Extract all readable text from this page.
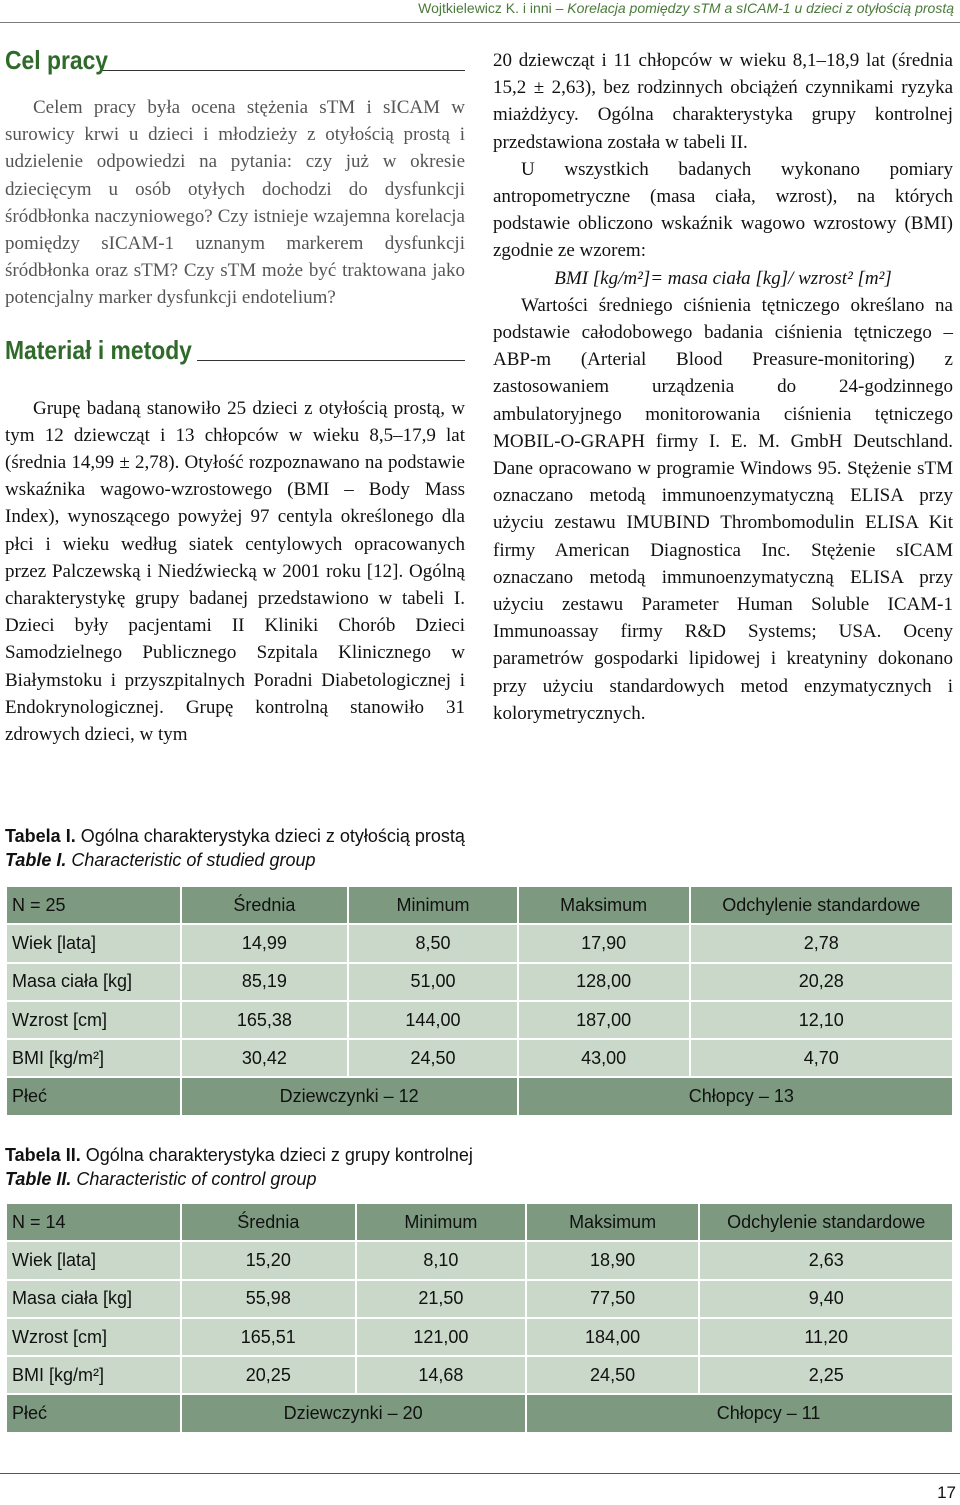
Wojtkielewicz K. i inni – Korelacja pomiędzy sTM a sICAM-1 u dzieci z otyłością prostą
Cel pracy

Celem pracy była ocena stężenia sTM i sICAM w surowicy krwi u dzieci i młodzieży z otyłością prostą i udzielenie odpowiedzi na pytania: czy już w okresie dziecięcym u osób otyłych dochodzi do dysfunkcji śródbłonka naczyniowego? Czy istnieje wzajemna korelacja pomiędzy sICAM-1 uznanym markerem dysfunkcji śródbłonka oraz sTM? Czy sTM może być traktowana jako potencjalny marker dysfunkcji endotelium?

Materiał i metody

Grupę badaną stanowiło 25 dzieci z otyłością prostą, w tym 12 dziewcząt i 13 chłopców w wieku 8,5–17,9 lat (średnia 14,99 ± 2,78). Otyłość rozpoznawano na podstawie wskaźnika wagowo-wzrostowego (BMI – Body Mass Index), wynoszącego powyżej 97 centyla określonego dla płci i wieku według siatek centylowych opracowanych przez Palczewską i Niedźwiecką w 2001 roku [12]. Ogólną charakterystykę grupy badanej przedstawiono w tabeli I. Dzieci były pacjentami II Kliniki Chorób Dzieci Samodzielnego Publicznego Szpitala Klinicznego w Białymstoku i przyszpitalnych Poradni Diabetologicznej i Endokrynologicznej. Grupę kontrolną stanowiło 31 zdrowych dzieci, w tym

20 dziewcząt i 11 chłopców w wieku 8,1–18,9 lat (średnia 15,2 ± 2,63), bez rodzinnych obciążeń czynnikami ryzyka miażdżycy. Ogólna charakterystyka grupy kontrolnej przedstawiona została w tabeli II.

U wszystkich badanych wykonano pomiary antropometryczne (masa ciała, wzrost), na których podstawie obliczono wskaźnik wagowo wzrostowy (BMI) zgodnie ze wzorem:

BMI [kg/m²]= masa ciała [kg]/ wzrost² [m²]

Wartości średniego ciśnienia tętniczego określano na podstawie całodobowego badania ciśnienia tętniczego – ABP-m (Arterial Blood Preasure-monitoring) z zastosowaniem urządzenia do 24-godzinnego ambulatoryjnego monitorowania ciśnienia tętniczego MOBIL-O-GRAPH firmy I. E. M. GmbH Deutschland. Dane opracowano w programie Windows 95. Stężenie sTM oznaczano metodą immunoenzymatyczną ELISA przy użyciu zestawu IMUBIND Thrombomodulin ELISA Kit firmy American Diagnostica Inc. Stężenie sICAM oznaczano metodą immunoenzymatyczną ELISA przy użyciu zestawu Parameter Human Soluble ICAM-1 Immunoassay firmy R&D Systems; USA. Oceny parametrów gospodarki lipidowej i kreatyniny dokonano przy użyciu standardowych metod enzymatycznych i kolorymetrycznych.

Tabela I. Ogólna charakterystyka dzieci z otyłością prostą
Table I. Characteristic of studied group
N = 25	Średnia	Minimum	Maksimum	Odchylenie standardowe
Wiek [lata]	14,99	8,50	17,90	2,78
Masa ciała [kg]	85,19	51,00	128,00	20,28
Wzrost [cm]	165,38	144,00	187,00	12,10
BMI [kg/m²]	30,42	24,50	43,00	4,70
Płeć	Dziewczynki – 12		Chłopcy – 13	
Tabela II. Ogólna charakterystyka dzieci z grupy kontrolnej
Table II. Characteristic of control group
N = 14	Średnia	Minimum	Maksimum	Odchylenie standardowe
Wiek [lata]	15,20	8,10	18,90	2,63
Masa ciała [kg]	55,98	21,50	77,50	9,40
Wzrost [cm]	165,51	121,00	184,00	11,20
BMI [kg/m²]	20,25	14,68	24,50	2,25
Płeć	Dziewczynki – 20		Chłopcy – 11	
17
